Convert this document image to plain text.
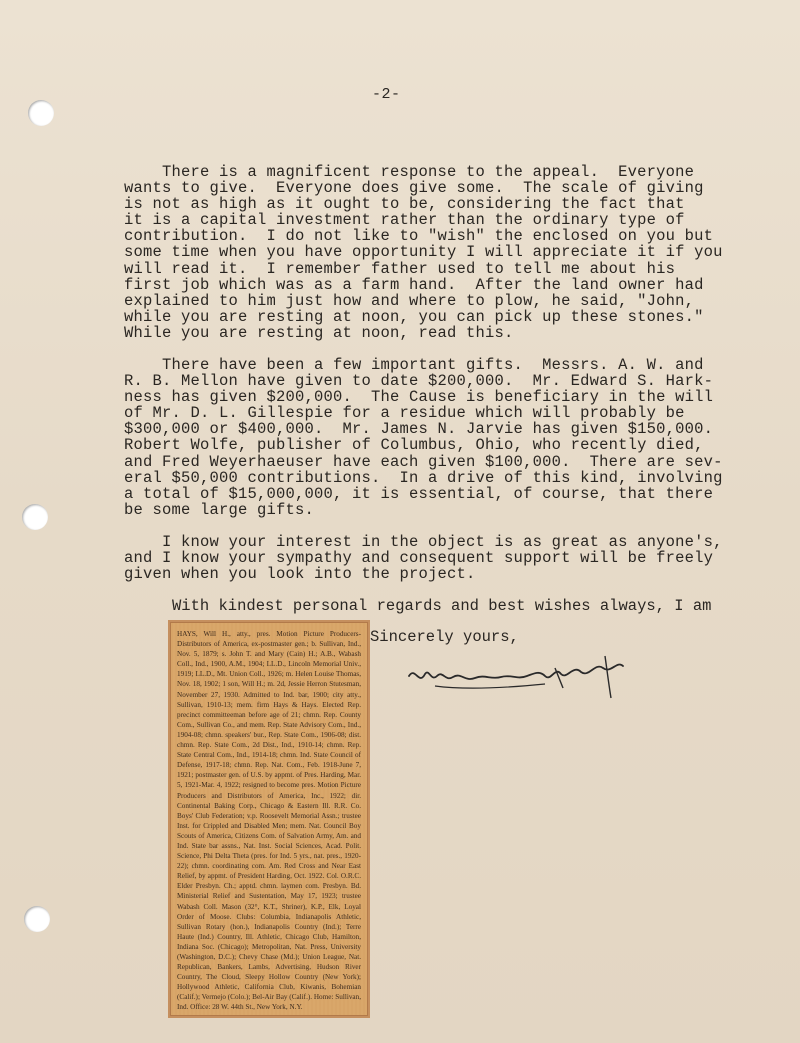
-2-
There is a magnificent response to the appeal.  Everyone
wants to give.  Everyone does give some.  The scale of giving
is not as high as it ought to be, considering the fact that
it is a capital investment rather than the ordinary type of
contribution.  I do not like to "wish" the enclosed on you but
some time when you have opportunity I will appreciate it if you
will read it.  I remember father used to tell me about his
first job which was as a farm hand.  After the land owner had
explained to him just how and where to plow, he said, "John,
while you are resting at noon, you can pick up these stones."
While you are resting at noon, read this.
There have been a few important gifts.  Messrs. A. W. and
R. B. Mellon have given to date $200,000.  Mr. Edward S. Hark-
ness has given $200,000.  The Cause is beneficiary in the will
of Mr. D. L. Gillespie for a residue which will probably be
$300,000 or $400,000.  Mr. James N. Jarvie has given $150,000.
Robert Wolfe, publisher of Columbus, Ohio, who recently died,
and Fred Weyerhaeuser have each given $100,000.  There are sev-
eral $50,000 contributions.  In a drive of this kind, involving
a total of $15,000,000, it is essential, of course, that there
be some large gifts.
I know your interest in the object is as great as anyone's,
and I know your sympathy and consequent support will be freely
given when you look into the project.
With kindest personal regards and best wishes always, I am
HAYS, Will H., atty., pres. Motion Picture Producers-Distributors of America, ex-postmaster gen.; b. Sullivan, Ind., Nov. 5, 1879; s. John T. and Mary (Cain) H.; A.B., Wabash Coll., Ind., 1900, A.M., 1904; LL.D., Lincoln Memorial Univ., 1919; LL.D., Mt. Union Coll., 1926; m. Helen Louise Thomas, Nov. 18, 1902; 1 son, Will H.; m. 2d, Jessie Herron Stutesman, November 27, 1930. Admitted to Ind. bar, 1900; city atty., Sullivan, 1910-13; mem. firm Hays & Hays. Elected Rep. precinct committeeman before age of 21; chmn. Rep. County Com., Sullivan Co., and mem. Rep. State Advisory Com., Ind., 1904-08; chmn. speakers' bur., Rep. State Com., 1906-08; dist. chmn. Rep. State Com., 2d Dist., Ind., 1910-14; chmn. Rep. State Central Com., Ind., 1914-18; chmn. Ind. State Council of Defense, 1917-18; chmn. Rep. Nat. Com., Feb. 1918-June 7, 1921; postmaster gen. of U.S. by appmt. of Pres. Harding, Mar. 5, 1921-Mar. 4, 1922; resigned to become pres. Motion Picture Producers and Distributors of America, Inc., 1922; dir. Continental Baking Corp., Chicago & Eastern Ill. R.R. Co. Boys' Club Federation; v.p. Roosevelt Memorial Assn.; trustee Inst. for Crippled and Disabled Men; mem. Nat. Council Boy Scouts of America, Citizens Com. of Salvation Army, Am. and Ind. State bar assns., Nat. Inst. Social Sciences, Acad. Polit. Science, Phi Delta Theta (pres. for Ind. 5 yrs., nat. pres., 1920-22); chmn. coordinating com. Am. Red Cross and Near East Relief, by appmt. of President Harding, Oct. 1922. Col. O.R.C. Elder Presbyn. Ch.; apptd. chmn. laymen com. Presbyn. Bd. Ministerial Relief and Sustentation, May 17, 1923; trustee Wabash Coll. Mason (32°, K.T., Shriner), K.P., Elk, Loyal Order of Moose. Clubs: Columbia, Indianapolis Athletic, Sullivan Rotary (hon.), Indianapolis Country (Ind.); Terre Haute (Ind.) Country, Ill. Athletic, Chicago Club, Hamilton, Indiana Soc. (Chicago); Metropolitan, Nat. Press, University (Washington, D.C.); Chevy Chase (Md.); Union League, Nat. Republican, Bankers, Lambs, Advertising, Hudson River Country, The Cloud, Sleepy Hollow Country (New York); Hollywood Athletic, California Club, Kiwanis, Bohemian (Calif.); Vermejo (Colo.); Bel-Air Bay (Calif.). Home: Sullivan, Ind. Office: 28 W. 44th St., New York, N.Y.
Sincerely yours,
